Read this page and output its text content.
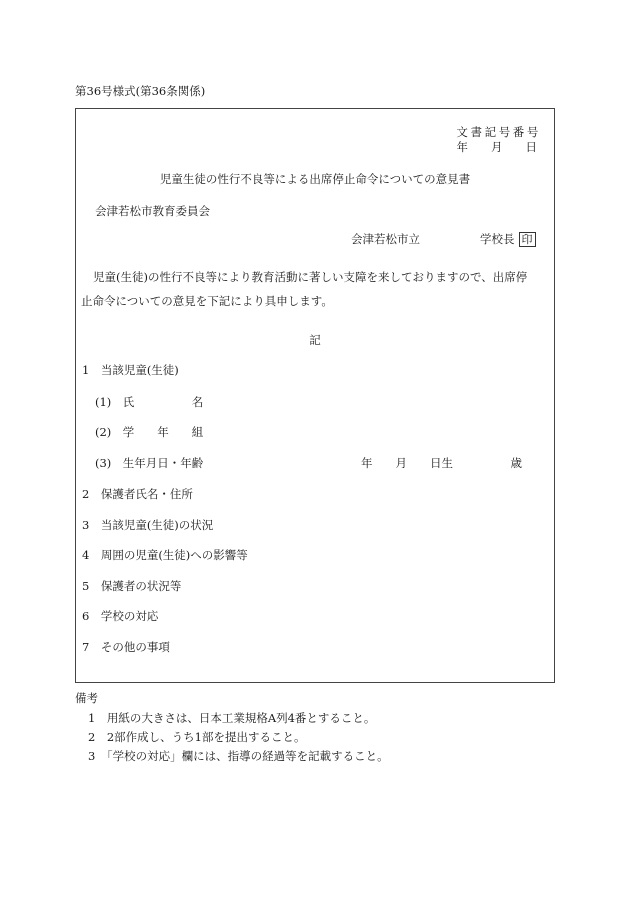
第36号様式(第36条関係)
文書記号番号
年　　月　　日
児童生徒の性行不良等による出席停止命令についての意見書
会津若松市教育委員会
会津若松市立	学校長 印
児童(生徒)の性行不良等により教育活動に著しい支障を来しておりますので、出席停
止命令についての意見を下記により具申します。
記
1　当該児童(生徒)
(1)　氏　　　　　名
(2)　学　　年　　組
(3)　生年月日・年齢	年　　月　　日生　　　　　歳
2　保護者氏名・住所
3　当該児童(生徒)の状況
4　周囲の児童(生徒)への影響等
5　保護者の状況等
6　学校の対応
7　その他の事項
備考
1　用紙の大きさは、日本工業規格A列4番とすること。
2　2部作成し、うち1部を提出すること。
3　「学校の対応」欄には、指導の経過等を記載すること。
